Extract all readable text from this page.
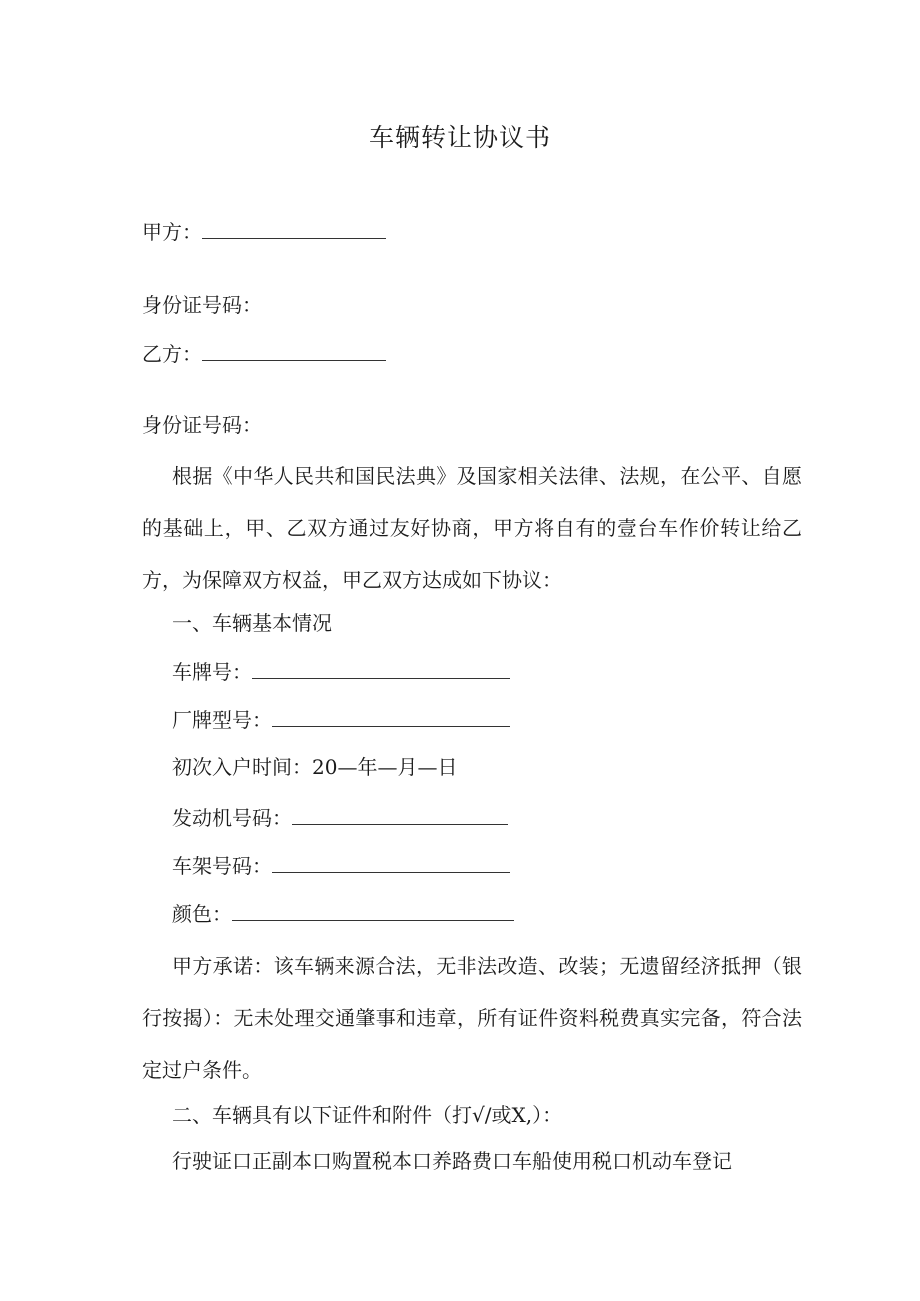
车辆转让协议书
甲方：
身份证号码：
乙方：
身份证号码：
根据《中华人民共和国民法典》及国家相关法律、法规，在公平、自愿的基础上，甲、乙双方通过友好协商，甲方将自有的壹台车作价转让给乙方，为保障双方权益，甲乙双方达成如下协议：
一、车辆基本情况
车牌号：
厂牌型号：
初次入户时间：20—年—月—日
发动机号码：
车架号码：
颜色：
甲方承诺：该车辆来源合法，无非法改造、改装；无遗留经济抵押（银行按揭）：无未处理交通肇事和违章，所有证件资料税费真实完备，符合法定过户条件。
二、车辆具有以下证件和附件（打√/或X,）：
行驶证口正副本口购置税本口养路费口车船使用税口机动车登记
